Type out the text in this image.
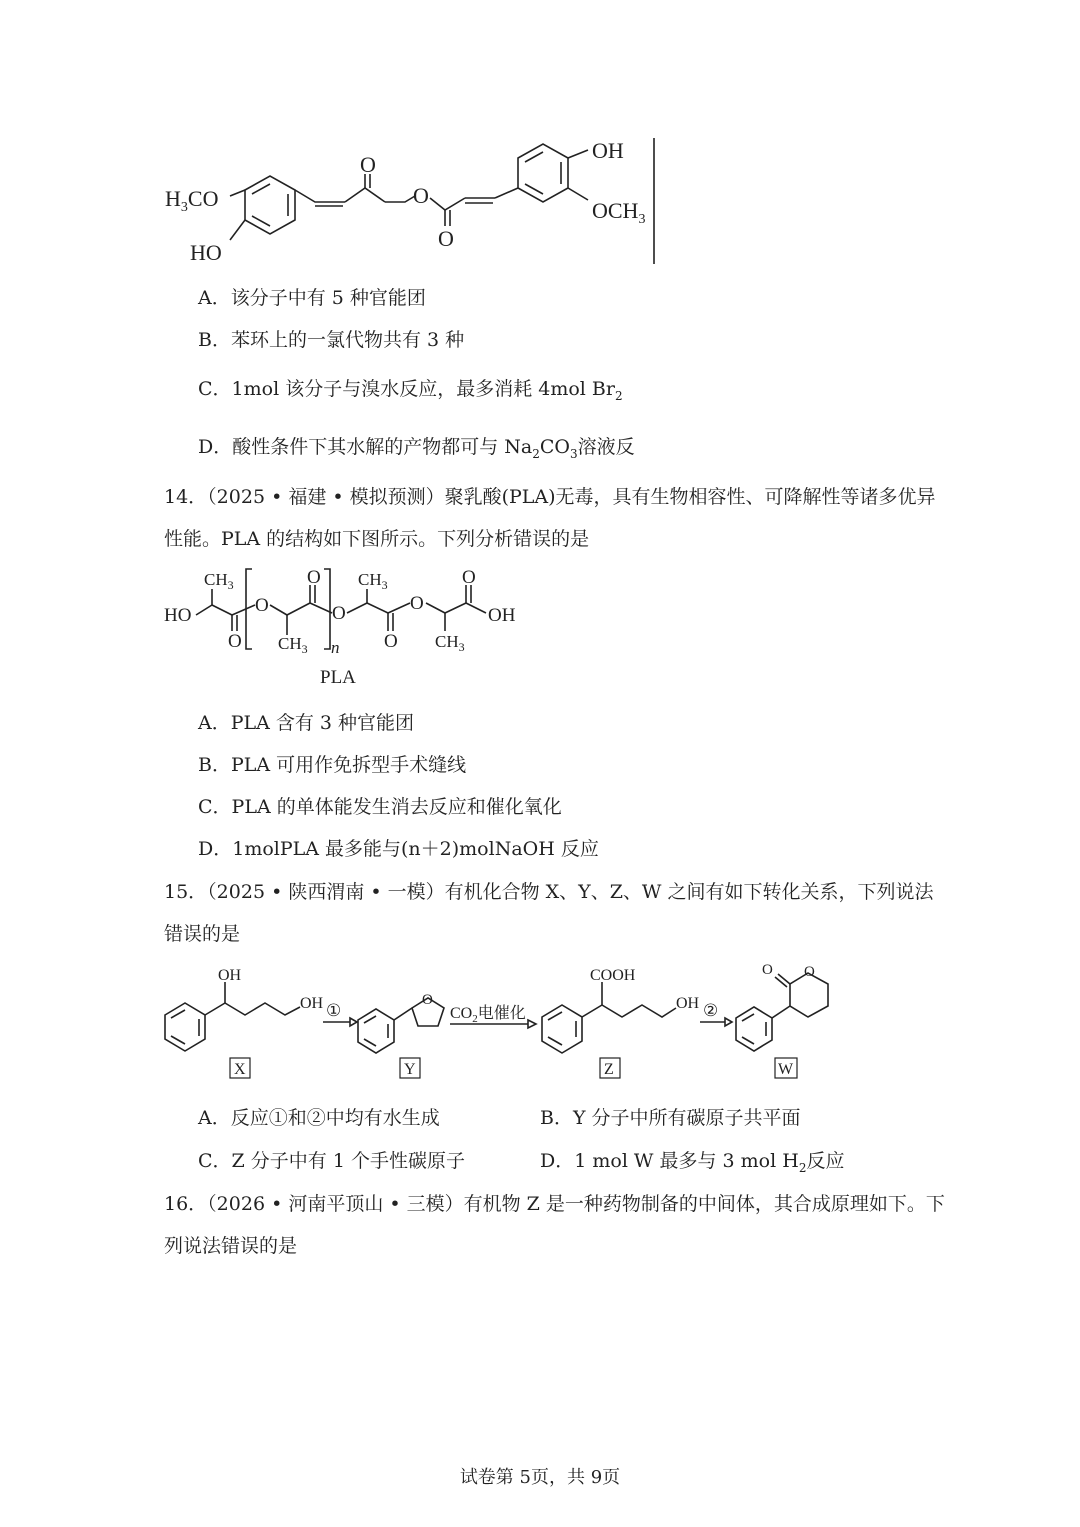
$H_3CO$
HO
O
O
O
OH
$OCH_3$
A．该分子中有 5 种官能团
B．苯环上的一氯代物共有 3 种
C．1mol 该分子与溴水反应，最多消耗 4mol $Br_2$
D．酸性条件下其水解的产物都可与 $Na_2CO_3$溶液反
14．（2025 • 福建 • 模拟预测）聚乳酸(PLA)无毒，具有生物相容性、可降解性等诸多优异
性能。PLA 的结构如下图所示。下列分析错误的是
HO
$CH_3$
O
O
$CH_3$
O
n
O
$CH_3$
O
O
$CH_3$
O
OH
PLA
A．PLA 含有 3 种官能团
B．PLA 可用作免拆型手术缝线
C．PLA 的单体能发生消去反应和催化氧化
D．1molPLA 最多能与(n＋2)molNaOH 反应
15．（2025 • 陕西渭南 • 一模）有机化合物 X、Y、Z、W 之间有如下转化关系，下列说法
错误的是
OH
OH
X
①
O
Y
$CO_2$电催化
COOH
OH
Z
②
O O
W
A．反应①和②中均有水生成	B．Y 分子中所有碳原子共平面
C．Z 分子中有 1 个手性碳原子	D．1 mol W 最多与 3 mol $H_2$反应
16．（2026 • 河南平顶山 • 三模）有机物 Z 是一种药物制备的中间体，其合成原理如下。下
列说法错误的是
试卷第 5页，共 9页
